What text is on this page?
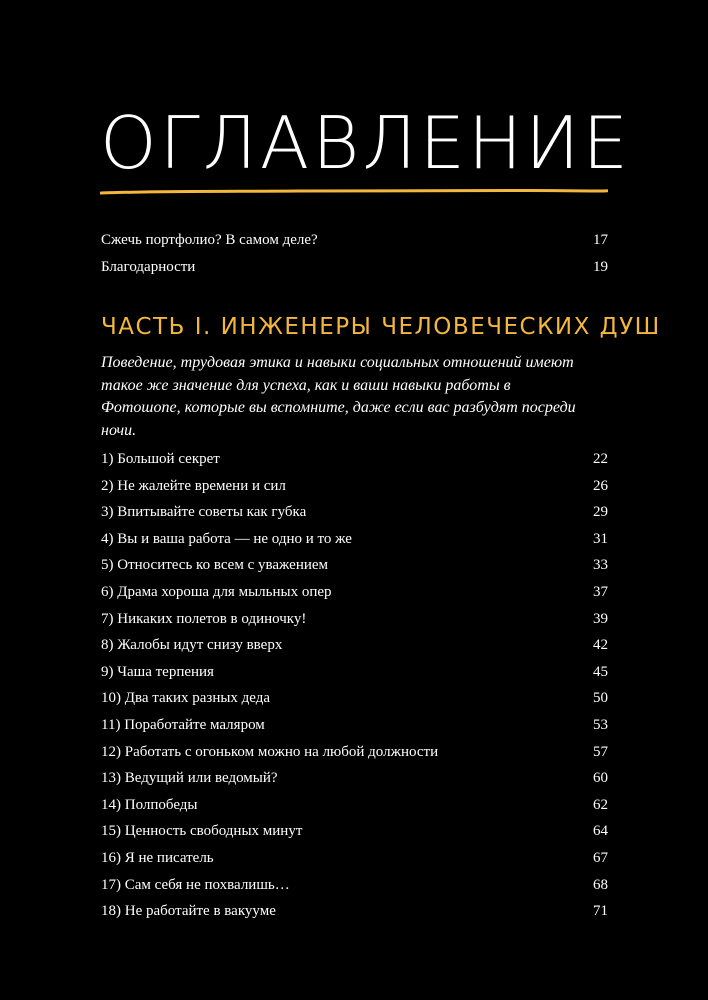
ОГЛАВЛЕНИЕ
Сжечь портфолио? В самом деле?	17
Благодарности	19
ЧАСТЬ I. ИНЖЕНЕРЫ ЧЕЛОВЕЧЕСКИХ ДУШ
Поведение, трудовая этика и навыки социальных отношений имеют такое же значение для успеха, как и ваши навыки работы в Фотошопе, которые вы вспомните, даже если вас разбудят посреди ночи.
1) Большой секрет	22
2) Не жалейте времени и сил	26
3) Впитывайте советы как губка	29
4) Вы и ваша работа — не одно и то же	31
5) Относитесь ко всем с уважением	33
6) Драма хороша для мыльных опер	37
7) Никаких полетов в одиночку!	39
8) Жалобы идут снизу вверх	42
9) Чаша терпения	45
10) Два таких разных деда	50
11) Поработайте маляром	53
12) Работать с огоньком можно на любой должности	57
13) Ведущий или ведомый?	60
14) Полпобеды	62
15) Ценность свободных минут	64
16) Я не писатель	67
17) Сам себя не похвалишь…	68
18) Не работайте в вакууме	71
